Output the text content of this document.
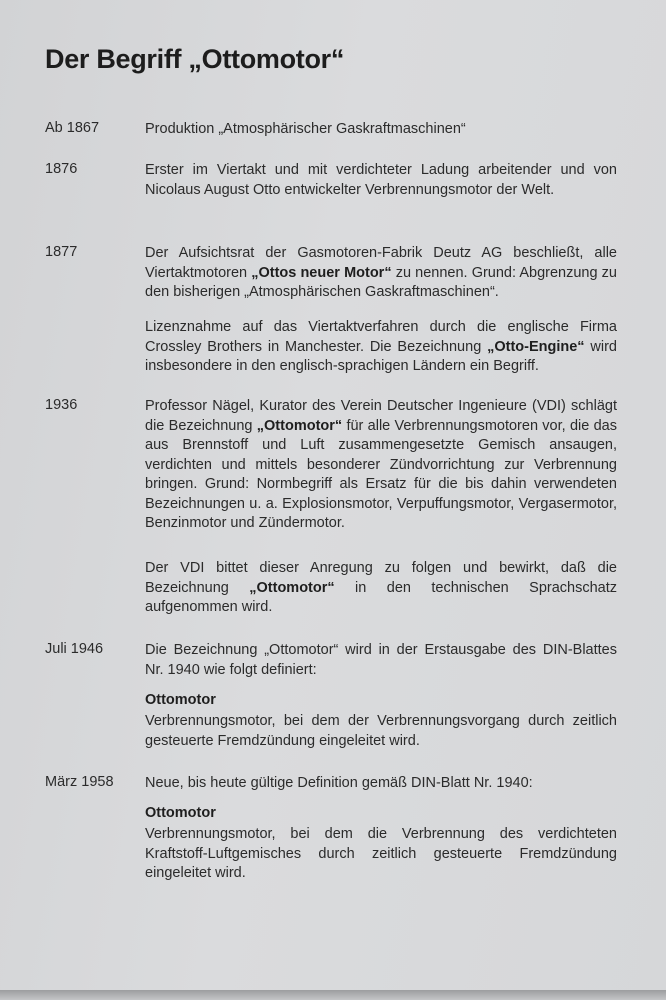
Der Begriff „Ottomotor“
Ab 1867	Produktion „Atmosphärischer Gaskraftmaschinen“
1876	Erster im Viertakt und mit verdichteter Ladung arbeitender und von Nicolaus August Otto entwickelter Verbrennungsmotor der Welt.
1877	Der Aufsichtsrat der Gasmotoren-Fabrik Deutz AG beschließt, alle Viertaktmotoren „Ottos neuer Motor“ zu nennen. Grund: Abgrenzung zu den bisherigen „Atmosphärischen Gaskraftmaschinen“.
Lizenznahme auf das Viertaktverfahren durch die englische Firma Crossley Brothers in Manchester. Die Bezeichnung „Otto-Engine“ wird insbesondere in den englisch-sprachigen Ländern ein Begriff.
1936	Professor Nägel, Kurator des Verein Deutscher Ingenieure (VDI) schlägt die Bezeichnung „Ottomotor“ für alle Verbrennungsmotoren vor, die das aus Brennstoff und Luft zusammengesetzte Gemisch ansaugen, verdichten und mittels besonderer Zündvorrichtung zur Verbrennung bringen. Grund: Normbegriff als Ersatz für die bis dahin verwendeten Bezeichnungen u. a. Explosionsmotor, Verpuffungsmotor, Vergasermotor, Benzinmotor und Zündermotor.
Der VDI bittet dieser Anregung zu folgen und bewirkt, daß die Bezeichnung „Ottomotor“ in den technischen Sprachschatz aufgenommen wird.
Juli 1946	Die Bezeichnung „Ottomotor“ wird in der Erstausgabe des DIN-Blattes Nr. 1940 wie folgt definiert:
Ottomotor
Verbrennungsmotor, bei dem der Verbrennungsvorgang durch zeitlich gesteuerte Fremdzündung eingeleitet wird.
März 1958 Neue, bis heute gültige Definition gemäß DIN-Blatt Nr. 1940:
Ottomotor
Verbrennungsmotor, bei dem die Verbrennung des verdichteten Kraftstoff-Luftgemisches durch zeitlich gesteuerte Fremdzündung eingeleitet wird.
